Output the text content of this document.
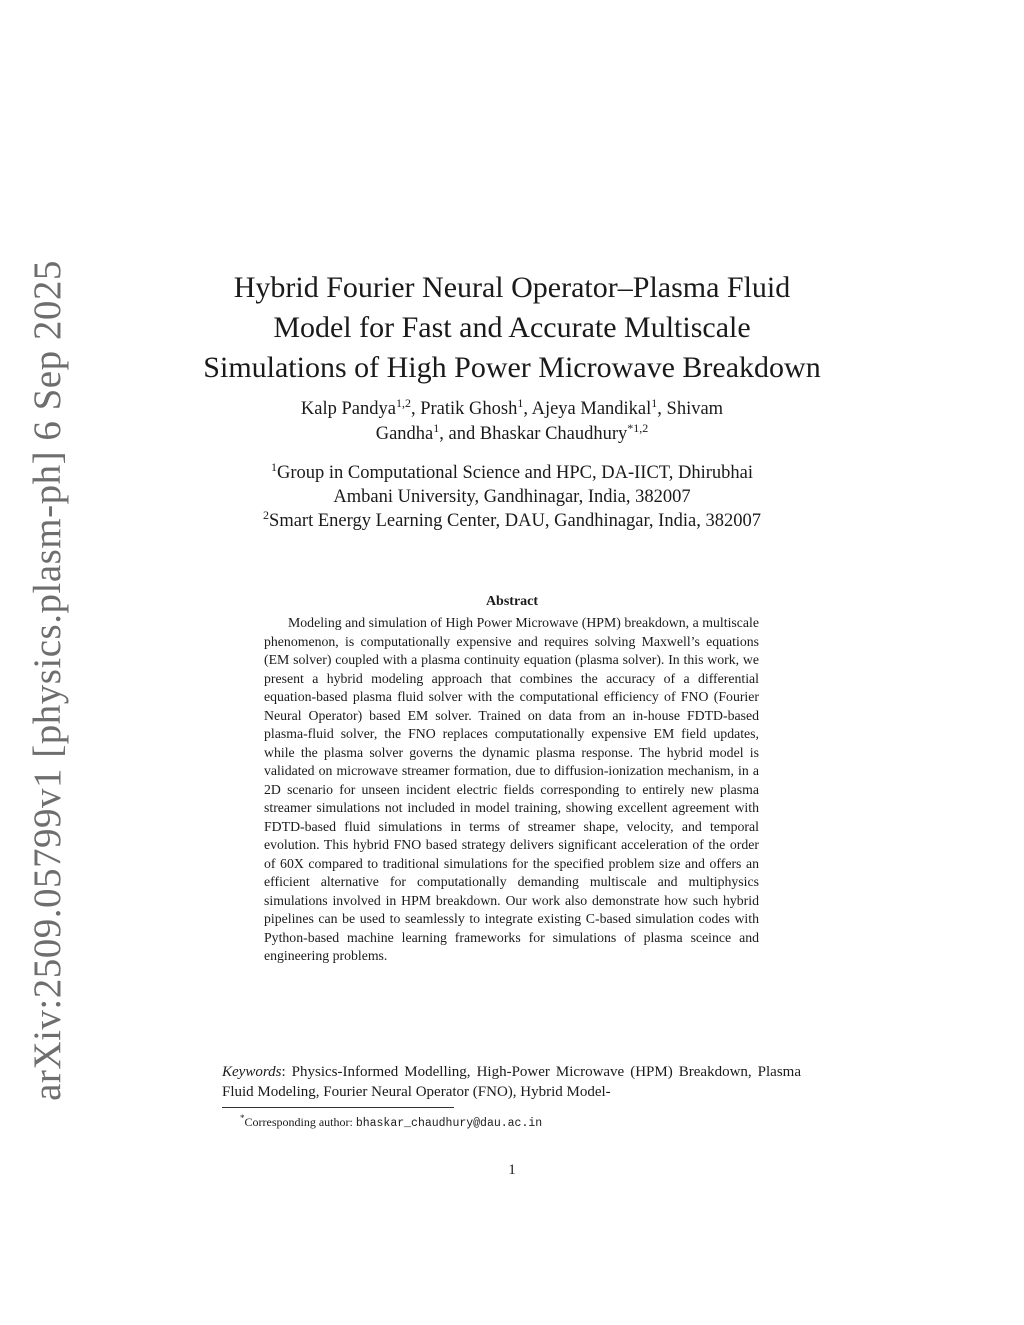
arXiv:2509.05799v1 [physics.plasm-ph] 6 Sep 2025	Hybrid Fourier Neural Operator–Plasma Fluid
Model for Fast and Accurate Multiscale
Simulations of High Power Microwave Breakdown
Kalp Pandya$^{1,2}$, Pratik Ghosh$^1$, Ajeya Mandikal$^1$, Shivam
Gandha$^1$, and Bhaskar Chaudhury$^{*1,2}$
$^1$Group in Computational Science and HPC, DA-IICT, Dhirubhai
Ambani University, Gandhinagar, India, 382007
$^2$Smart Energy Learning Center, DAU, Gandhinagar, India, 382007
Abstract

Modeling and simulation of High Power Microwave (HPM) breakdown, a multiscale phenomenon, is computationally expensive and requires solving Maxwell’s equations (EM solver) coupled with a plasma continuity equation (plasma solver). In this work, we present a hybrid modeling approach that combines the accuracy of a differential equation-based plasma fluid solver with the computational efficiency of FNO (Fourier Neural Operator) based EM solver. Trained on data from an in-house FDTD-based plasma-fluid solver, the FNO replaces computationally expensive EM field updates, while the plasma solver governs the dynamic plasma response. The hybrid model is validated on microwave streamer formation, due to diffusion-ionization mechanism, in a 2D scenario for unseen incident electric fields corresponding to entirely new plasma streamer simulations not included in model training, showing excellent agreement with FDTD-based fluid simulations in terms of streamer shape, velocity, and temporal evolution. This hybrid FNO based strategy delivers significant acceleration of the order of 60X compared to traditional simulations for the specified problem size and offers an efficient alternative for computationally demanding multiscale and multiphysics simulations involved in HPM breakdown. Our work also demonstrate how such hybrid pipelines can be used to seamlessly to integrate existing C-based simulation codes with Python-based machine learning frameworks for simulations of plasma sceince and engineering problems.

Keywords: Physics-Informed Modelling, High-Power Microwave (HPM) Breakdown, Plasma Fluid Modeling, Fourier Neural Operator (FNO), Hybrid Model-
*Corresponding author: bhaskar_chaudhury@dau.ac.in
1
